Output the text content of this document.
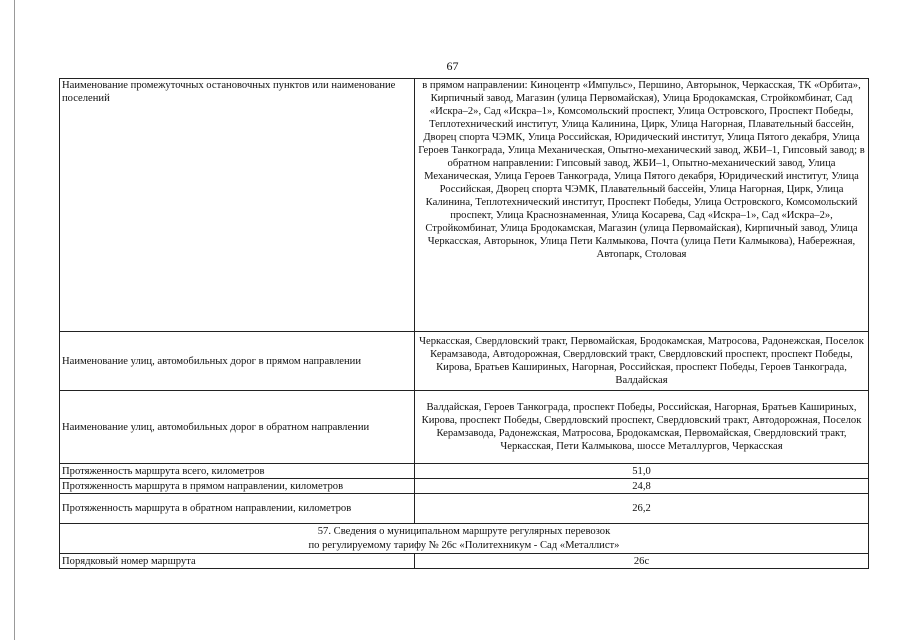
67
Наименование промежуточных остановочных пунктов или наименование поселений	в прямом направлении: Киноцентр «Импульс», Першино, Авторынок, Черкасская, ТК «Орбита», Кирпичный завод, Магазин (улица Первомайская), Улица Бродокамская, Стройкомбинат, Сад «Искра–2», Сад «Искра–1», Комсомольский проспект, Улица Островского, Проспект Победы, Теплотехнический институт, Улица Калинина, Цирк, Улица Нагорная, Плавательный бассейн, Дворец спорта ЧЭМК, Улица Российская, Юридический институт, Улица Пятого декабря, Улица Героев Танкограда, Улица Механическая, Опытно-механический завод, ЖБИ–1, Гипсовый завод; в обратном направлении: Гипсовый завод, ЖБИ–1, Опытно-механический завод, Улица Механическая, Улица Героев Танкограда, Улица Пятого декабря, Юридический институт, Улица Российская, Дворец спорта ЧЭМК, Плавательный бассейн, Улица Нагорная, Цирк, Улица Калинина, Теплотехнический институт, Проспект Победы, Улица Островского, Комсомольский проспект, Улица Краснознаменная, Улица Косарева, Сад «Искра–1», Сад «Искра–2», Стройкомбинат, Улица Бродокамская, Магазин (улица Первомайская), Кирпичный завод, Улица Черкасская, Авторынок, Улица Пети Калмыкова, Почта (улица Пети Калмыкова), Набережная, Автопарк, Столовая
Наименование улиц, автомобильных дорог в прямом направлении	Черкасская, Свердловский тракт, Первомайская, Бродокамская, Матросова, Радонежская, Поселок Керамзавода, Автодорожная, Свердловский тракт, Свердловский проспект, проспект Победы, Кирова, Братьев Кашириных, Нагорная, Российская, проспект Победы, Героев Танкограда, Валдайская
Наименование улиц, автомобильных дорог в обратном направлении	Валдайская, Героев Танкограда, проспект Победы, Российская, Нагорная, Братьев Кашириных, Кирова, проспект Победы, Свердловский проспект, Свердловский тракт, Автодорожная, Поселок Керамзавода, Радонежская, Матросова, Бродокамская, Первомайская, Свердловский тракт, Черкасская, Пети Калмыкова, шоссе Металлургов, Черкасская
Протяженность маршрута всего, километров	51,0
Протяженность маршрута в прямом направлении, километров	24,8
Протяженность маршрута в обратном направлении, километров	26,2

57. Сведения о муниципальном маршруте регулярных перевозок
по регулируемому тарифу № 26с «Политехникум - Сад «Металлист»	

Порядковый номер маршрута	26с
